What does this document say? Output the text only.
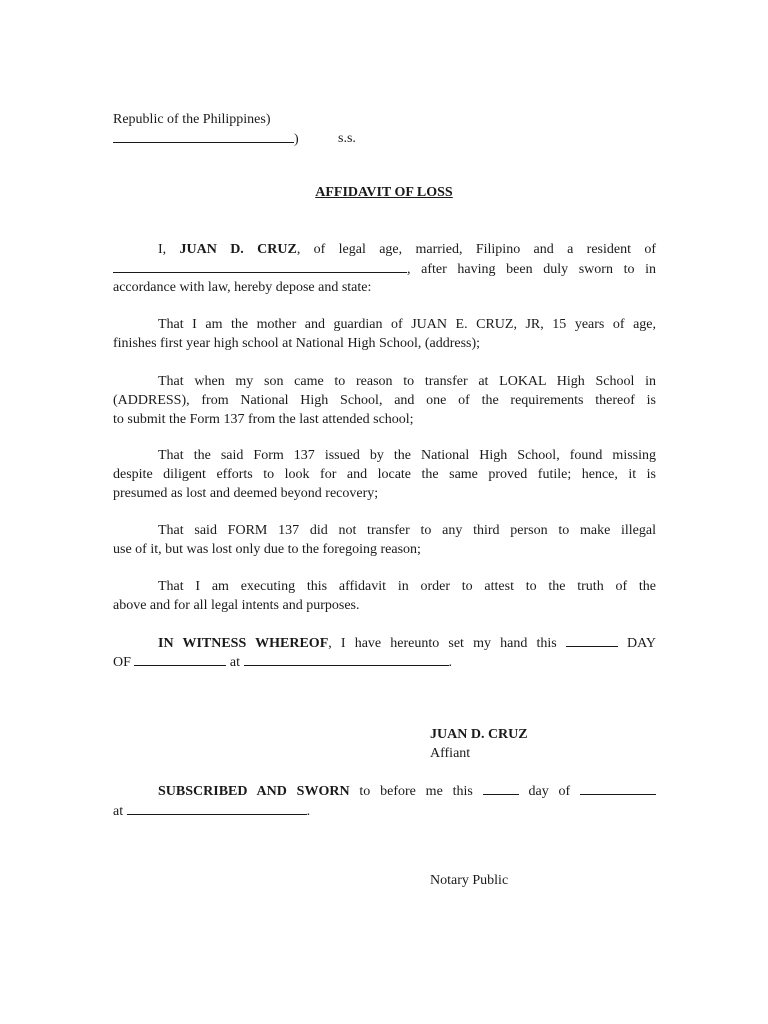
Republic of the Philippines)
)	s.s.
AFFIDAVIT OF LOSS
I, JUAN D. CRUZ, of legal age, married, Filipino and a resident of
, after having been duly sworn to in
accordance with law, hereby depose and state:
That I am the mother and guardian of JUAN E. CRUZ, JR, 15 years of age,
finishes first year high school at National High School, (address);
That when my son came to reason to transfer at LOKAL High School in
(ADDRESS), from National High School, and one of the requirements thereof is
to submit the Form 137 from the last attended school;
That the said Form 137 issued by the National High School, found missing
despite diligent efforts to look for and locate the same proved futile; hence, it is
presumed as lost and deemed beyond recovery;
That said FORM 137 did not transfer to any third person to make illegal
use of it, but was lost only due to the foregoing reason;
That I am executing this affidavit in order to attest to the truth of the
above and for all legal intents and purposes.
IN WITNESS WHEREOF, I have hereunto set my hand this	DAY
OF	at	.
JUAN D. CRUZ
Affiant
SUBSCRIBED AND SWORN to before me this	day of
at	.
Notary Public
